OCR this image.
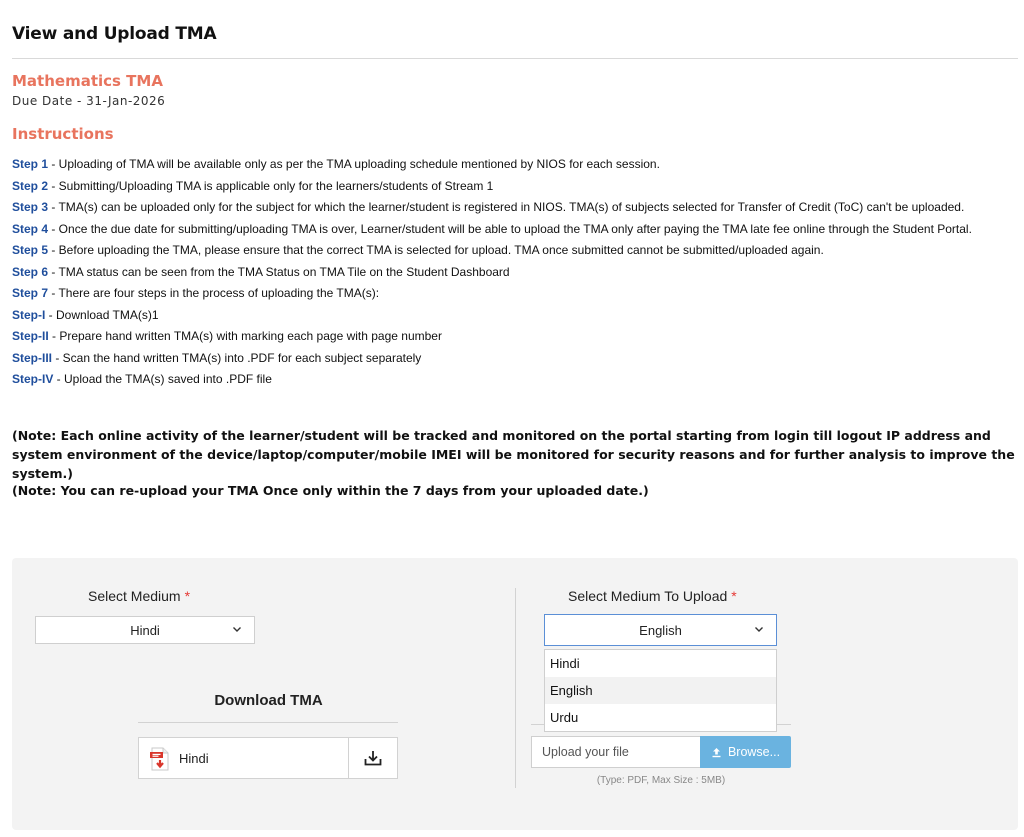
View and Upload TMA
Mathematics TMA
Due Date - 31-Jan-2026
Instructions
Step 1 - Uploading of TMA will be available only as per the TMA uploading schedule mentioned by NIOS for each session.
Step 2 - Submitting/Uploading TMA is applicable only for the learners/students of Stream 1
Step 3 - TMA(s) can be uploaded only for the subject for which the learner/student is registered in NIOS. TMA(s) of subjects selected for Transfer of Credit (ToC) can't be uploaded.
Step 4 - Once the due date for submitting/uploading TMA is over, Learner/student will be able to upload the TMA only after paying the TMA late fee online through the Student Portal.
Step 5 - Before uploading the TMA, please ensure that the correct TMA is selected for upload. TMA once submitted cannot be submitted/uploaded again.
Step 6 - TMA status can be seen from the TMA Status on TMA Tile on the Student Dashboard
Step 7 - There are four steps in the process of uploading the TMA(s):
Step-I - Download TMA(s)1
Step-II - Prepare hand written TMA(s) with marking each page with page number
Step-III - Scan the hand written TMA(s) into .PDF for each subject separately
Step-IV - Upload the TMA(s) saved into .PDF file
(Note: Each online activity of the learner/student will be tracked and monitored on the portal starting from login till logout IP address and system environment of the device/laptop/computer/mobile IMEI will be monitored for security reasons and for further analysis to improve the system.)
(Note: You can re-upload your TMA Once only within the 7 days from your uploaded date.)
Select Medium *
Hindi
Download TMA
Hindi
Select Medium To Upload *
English
Upload your file	Browse...
(Type: PDF, Max Size : 5MB)
Hindi
English
Urdu
